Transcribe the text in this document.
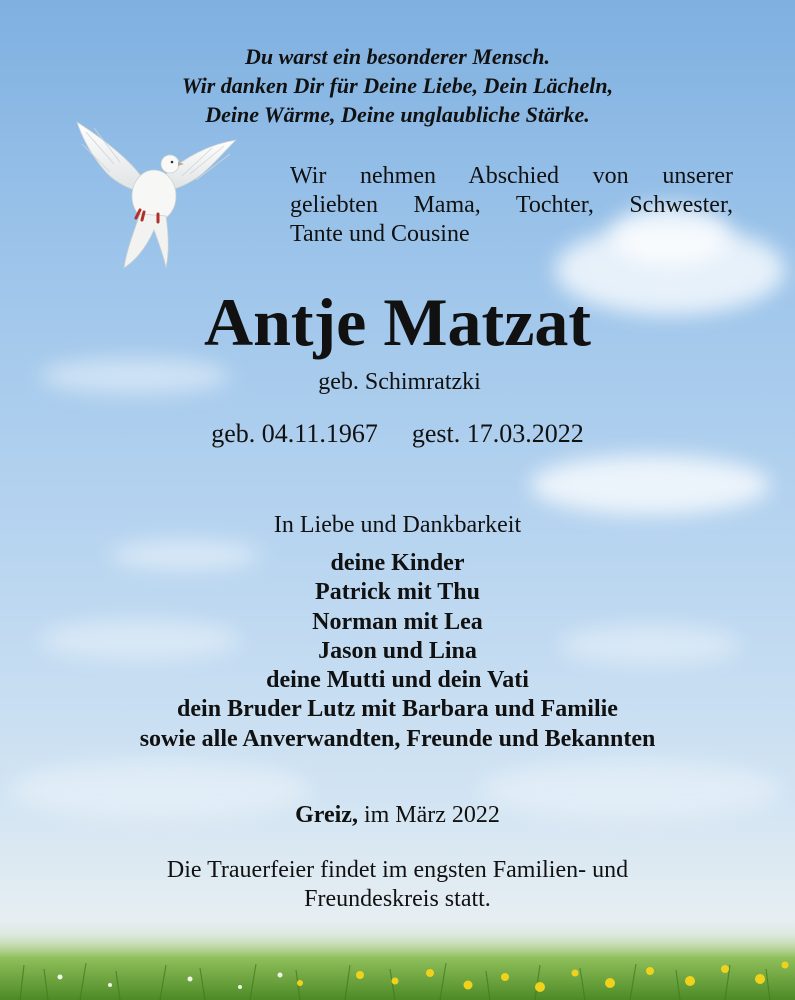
Du warst ein besonderer Mensch.
Wir danken Dir für Deine Liebe, Dein Lächeln,
Deine Wärme, Deine unglaubliche Stärke.
Wir nehmen Abschied von unserer
geliebten Mama, Tochter, Schwester,
Tante und Cousine
Antje Matzat
geb. Schimratzki
geb. 04.11.1967 gest. 17.03.2022
In Liebe und Dankbarkeit
deine Kinder
Patrick mit Thu
Norman mit Lea
Jason und Lina
deine Mutti und dein Vati
dein Bruder Lutz mit Barbara und Familie
sowie alle Anverwandten, Freunde und Bekannten
Greiz, im März 2022
Die Trauerfeier findet im engsten Familien- und
Freundeskreis statt.
